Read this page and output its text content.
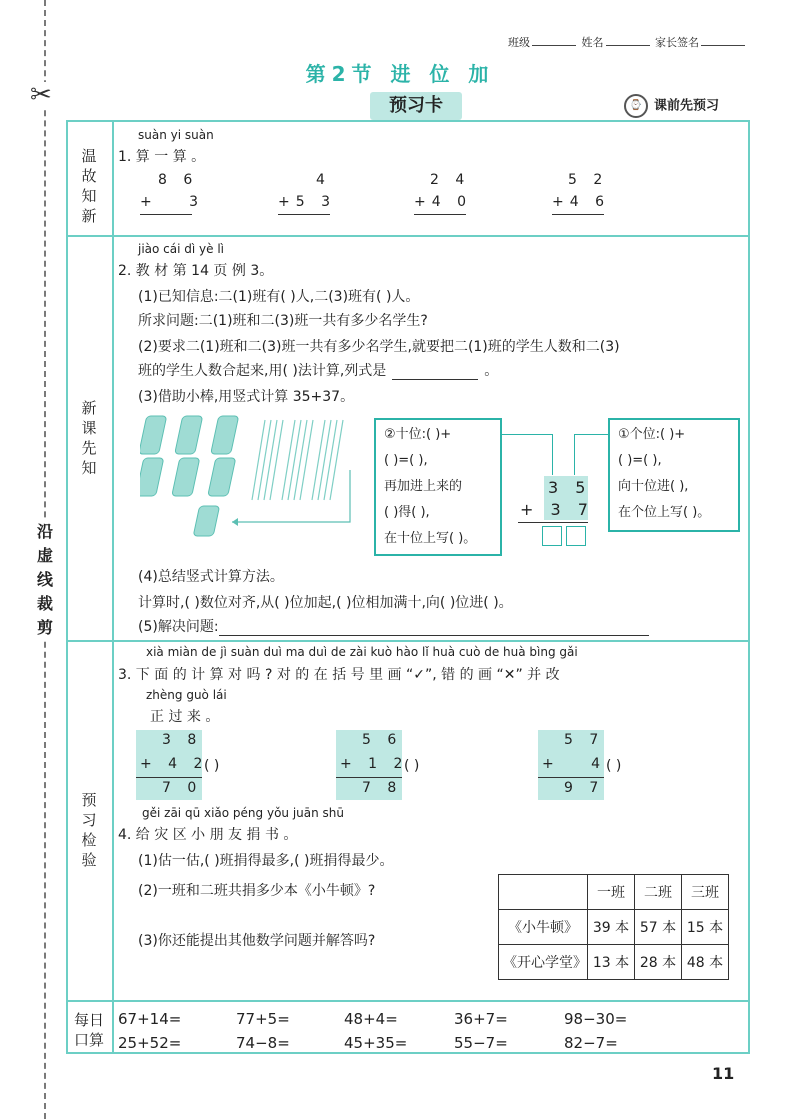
✂
沿虚线裁剪
班级	姓名	家长签名
第2节 进 位 加
预习卡	⌚ 课前先预习
温
故
知
新
新
课
先
知
预
习
检
验
每日
口算
suàn yi suàn
1. 算 一 算 。
8 6
+   3
4
+5 3
2 4
+4 0
5 2
+4 6
jiào cái dì yè lì
2. 教 材 第 14 页 例 3。
(1)已知信息:二(1)班有( )人,二(3)班有( )人。
所求问题:二(1)班和二(3)班一共有多少名学生?
(2)要求二(1)班和二(3)班一共有多少名学生,就要把二(1)班的学生人数和二(3)
班的学生人数合起来,用( )法计算,列式是	。
(3)借助小棒,用竖式计算 35+37。
②十位:( )+
( )=( ),
再加进上来的
( )得( ),
在十位上写( )。
①个位:( )+
( )=( ),
向十位进( ),
在个位上写( )。
3 5
+ 3 7
(4)总结竖式计算方法。
计算时,( )数位对齐,从( )位加起,( )位相加满十,向( )位进( )。
(5)解决问题:
xià miàn de jì suàn duì ma duì de zài kuò hào lǐ huà cuò de huà bìng gǎi
3. 下 面 的 计 算 对 吗 ? 对 的 在 括 号 里 画 “✓”, 错 的 画 “✕” 并 改
zhèng guò lái
正 过 来 。
3 8
+ 4 2
7 0
( )
5 6
+ 1 2
7 8
( )
5 7
+   4
9 7
( )
gěi zāi qū xiǎo péng yǒu juān shū
4. 给 灾 区 小 朋 友 捐 书 。
(1)估一估,( )班捐得最多,( )班捐得最少。
(2)一班和二班共捐多少本《小牛顿》?
(3)你还能提出其他数学问题并解答吗?
	一班	二班	三班
《小牛顿》	39 本	57 本	15 本
《开心学堂》	13 本	28 本	48 本
67+14=	77+5=	48+4=	36+7=	98−30=
25+52=	74−8=	45+35=	55−7=	82−7=
11
